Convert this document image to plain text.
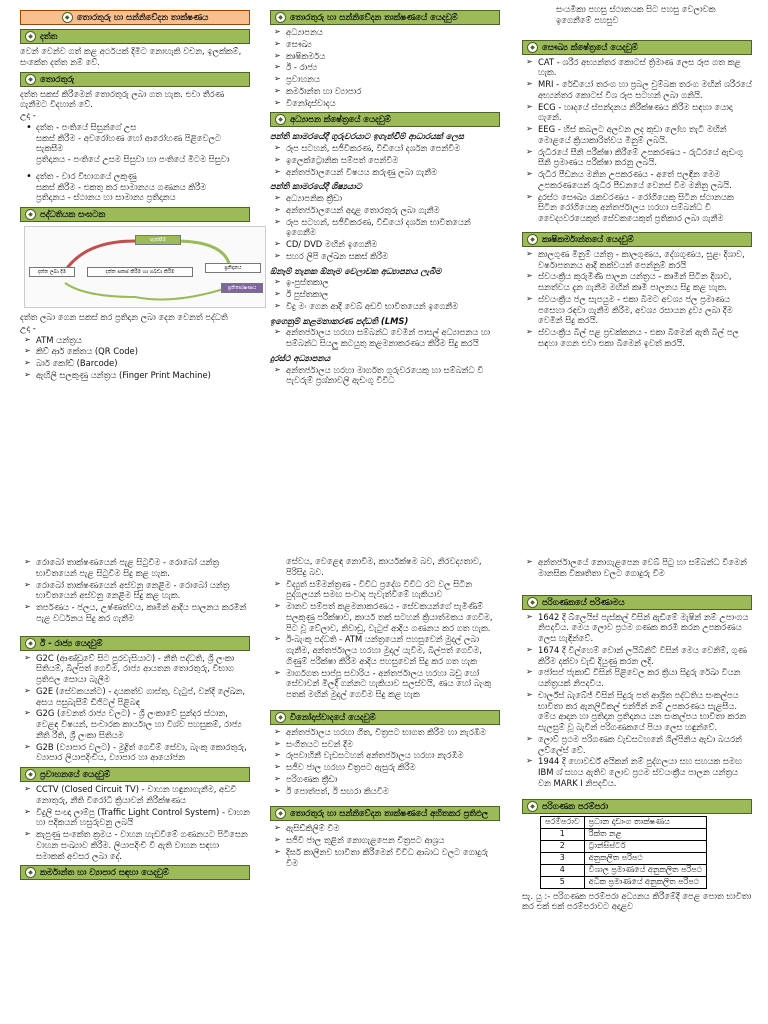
◆ තොරතුරු හා සන්නිවේදන තාක්ෂණය
◆ දත්ත

වෙන් වෙන්ව ගත් කළ අර්ථයක් දිමිට නොහැකි වචන, ඉලක්කම්, සංකේත දත්ත නම් වේ.

◆ තොරතුරු

දත්ත සකස් කිරීමෙන් තොරතුරු ලබා ගත හැක. එවා තීරණ ගැනීමට විදහාන් වේ.

උදා -

• දත්ත - පංතියේ සිසුන්ගේ උස
සකස් කිරීම - අවරෝහණ හෝ ආරෝහණ පිළිවෙලට සැකසීම
ප්‍රතිදානය - පංතියේ උසම සිසුවා හා පංතියේ මිටම සිසුවා
• දත්ත - වාර විභාගයේ ලකුණු
සකස් කිරීම - එකතු කර සාමාන්‍යය ගණනය කිරීම
ප්‍රතිදානය - ස්ථානය හා සාමාන්‍ය ප්‍රතිදානය
◆ පද්ධතියක සංඝටක
සැකසීම
දත්ත ලබා දීම	දත්ත සකස් කිරීම හා ගබඩා කිරීම
ප්‍රතිදානය
ප්‍රතිපෝෂණය

දත්ත ලබා ගෙන සකස් කර ප්‍රතිදාන ලබා දෙන වෙනත් පද්ධති

උදා -

➢ ATM යන්ත්‍රය
➢ කිව් ආර් කේතය (QR Code)
➢ බාර් කෝඩ් (Barcode)
➢ ඇඟිලි සලකුණු යන්ත්‍රය (Finger Print Machine)
➢ රොබෝ තාක්ෂණයෙන් පැළ සිටුවීම - රොබෝ යන්ත්‍ර භාවිතයෙන් පැළ සිටුවීම සිදු කළ හැක.
➢ රොබෝ තාක්ෂණයෙන් අස්වනු නෙළීම - රොබෝ යන්ත්‍ර භාවිතයෙන් අස්වනු නෙළීම සිදු කළ හැක.
➢ තර්පණය - ජලය, උෂ්ණත්වය, කෘමීන් ආදිය පාලනය කරමින් පැළ වර්ධනය සිදු කර ගැනීම
◆ ඊ - රාජ්‍ය යෙදවුම්
➢ G2C (ආණ්ඩුවේ සිට පුරවැසියාට) - නීති පද්ධති, ශ්‍රී ලංකා සිතියම්, බිල්පත් ගෙවීම, රාජ්‍ය ආයතන තොරතුරු, විභාග ප්‍රතිඵල සොයා බැලීම
➢ G2E (සේවකයන්ට) - දායකත්ව ගාස්තු, වැටුප්, වන්දි ලේඛන, අසය පසුබැසීම් ඩිජිටල් පිළිබඳ
➢ G2G (වෙනත් රාජ්‍ය වලට) - ශ්‍රී ලංකාවේ සුන්දර ස්ථාන, වෙළඳ විෂයන්, සංචාරක කාර්යාල හා විශ්‍ව පහසුකම්, රාජ්‍ය නීති රීති, ශ්‍රී ලංකා සිතියම
➢ G2B (ව්‍යාපාර වලට) - මුද්‍රිත් ගෙවීම් සේවා, බැංකු කොරතුරු, ව්‍යාපාර ලියාපදිංචිය, ව්‍යාපාර හා ආයෝජන
◆ ප්‍රවාහනයේ යෙදවුම්
➢ CCTV (Closed Circuit TV) - වාහන හඳුනාගැනීම, අඩවි නොතුරු, නීති විරෝධී ක්‍රියාවන් නිරීක්ෂණය
➢ විදුලි සංඥා ලාම්පු (Traffic Light Control System) - වාහන හා පදිකයන් හසුරුවනු ලබයි
➢ කැපුණු සංකේත ක්‍රමය - වාහන හැඩවීමේ ගණනයට පිටිසෙන වාහන සංඛ්‍යාව කිරීම. ලියාපදිංචි වී ඇති වාහන සඳහා සමාකක් අවසර ලබා දේ.
◆ කර්මාන්ත හා ව්‍යාපාර සඳහා යෙදවුම්
◆ තොරතුරු හා සන්නිවේදන තාක්ෂණයේ යෙදවුම්
➢ අධ්‍යාපනය
➢ සෞඛ්‍ය
➢ කෘෂිකර්මය
➢ ඊ - රාජ්‍ය
➢ ප්‍රවාහනය
➢ කර්මාන්ත හා ව්‍යාපාර
➢ විනෝදාස්වාදය
◆ අධ්‍යාපන ක්ෂේත්‍රයේ යෙදවුම්

පන්ති කාමරයේදී ගුරුවරයාට ඉගැන්වීම් ආධාරයක් ලෙස

➢ රූප සටහන්, සජීවීකරණ, විඩියෝ දර්ශන පෙන්වීම
➢ ඉලෙක්ට්‍රොනික සම්පත් පෙන්වීම
➢ අන්තර්ජාලයෙන් විෂයය කරුණු ලබා ගැනීම

පන්ති කාමරයේදී ශිෂ්‍යයාට

➢ අධ්‍යාපනික ක්‍රීඩා
➢ අන්තර්ජාලයෙන් අදාළ තොරතුරු ලබා ගැනීම
➢ රූප සටහන්, සජීවීකරණ, විඩියෝ දර්ශන භාවිතයෙන් ඉගෙනීම
➢ CD/ DVD මඟින් ඉගෙනීම
➢ සහර ලිපි ලේඛන සකස් කිරීම

ඕනෑම් තැනක ඕනෑම වෙලාවක අධ්‍යාපනය ලැබීම

➢ ඉ-පුස්තකාල
➢ ඊ පුස්තකාල
➢ විදු මං ගෙන ආදී වෙබ් අඩවි භාවිතයෙන් ඉගෙනීම

ඉගෙනුම් කළමනාකරණ පද්ධති (LMS)

➢ අන්තර්ජාලය හරහා සම්බන්ධ වෙමින් පාසල් අධ්‍යාපනය හා සම්බන්ධ සියලු කටයුතු කළමනාකරණය කිරීම සිදු කරයි

දුරස්ථ අධ්‍යාපනය

➢ අන්තර්ජාලය හරහා මාර්ගත ගුරුවරයෙකු හා සම්බන්ධ වී පැවරුම් ප්‍රශ්නාවලි ඇඩංගු විවිධ

සේවය, වෙළෙඳ නොවීම, කාර්යක්ෂම බව, නිරවද්‍යතාව, පිරිසිදු බව.

➢ විද්‍යුත් සම්මන්ත්‍රණ - විවිධ ප්‍රදේශ විවිධ රට වල සිටින පුද්ගලයන් සමඟ සංවාද පැවැත්වීමේ හැකියාව
➢ මානව සම්පත් කළමනාකරණය - සේවකයන්ගේ පැමිණීම් සලකුණු පරීක්ෂාව, කාර්ය තක් සටහන් ක්‍රියාත්මකය ගෙවීම, පිට වූ වේලාව, නිවාඩු, වැටුප් ආදිය ගණනය කර ගත හැක.
➢ ඊ-බැංකු පද්ධති - ATM යන්ත්‍රයෙන් පහසුවෙන් මුදල් ලබා ගැනීම, අන්තර්ජාලය හරහා මුදල් යැවීම, බිල්පත් ගෙවීම, ගිණුම් පරීක්ෂා කිරීම ආදිය පහසුවෙන් සිදු කර ගත හැක
➢ මාර්ගගත සාප්පු සවාරිය - අන්තර්ජාලය හරහා බඩු හෝ සේවාවන් මිලදී ගන්නට හැකියාව සලස්වයි, ණය හෝ බැංකු පතක් මඟින් මුදල් ගෙවීම සිදු කළ හැක
◆ විනෝදාස්වාදයේ යෙදවුම්
➢ අන්තර්ජාලය හරහා ගීත, චිත්‍රපට භාගත කිරීම හා නැරඹීම
➢ සංගීතයට සවන් දීම
➢ රූපවාහිනී වැඩසටහන් අන්තර්ජාලය හරහා නැරඹීම
➢ සජීව ජාල හරහා චිත්‍රපට ඇසුරු කිරීම
➢ පරිගණක ක්‍රීඩා
➢ ඊ පොත්පත්, ඊ සඟරා කියවීම
◆ තොරතුරු හා සන්නිවේදන තාක්ෂණයේ අහිතකර ප්‍රතිඵල
➢ ඇසිඩ්කිලිම් වීම
➢ සජීවී ජාල තුළින් නොගැළපෙන චිත්‍රපට ආශ්‍රය
➢ දිර්ඝ කාලීනව භාවිතා කිරීමෙන් විවිධ ආබාධ වලට ගොදුරු වීම

සංයමිකා පහසු ස්ථානයක සිට පහසු වෙලාවක ඉගෙනීමේ පහසුව

◆ සෞඛ්‍ය ක්ෂේත්‍රයේ යෙදවුම්
➢ CAT - ශරීර අභ්‍යන්තර කොටස් ත්‍රිමාණ ලෙස රූප ගත කළ හැක.
➢ MRI - රේඩියෝ තරංග හා ප්‍රබල චුම්බක තරංග මඟින් ශරීරයේ අභ්‍යන්තර කොටස් විශ රූප සටහන් ලබා ගනියි.
➢ ECG - හෘදයේ ස්පන්දනය නිරීක්ෂණය කිරීම සඳහා යොදා ගැනේ.
➢ EEG - හිස් කබලට අලවන ලද කුඩා ලෝහ තැටි මඟින් මොළයේ ක්‍රියාකාරිත්වය මිනුම් ලබයි.
➢ රුධිරයේ සීනි පරීක්ෂා කිරීමේ උපකරණය - රුධිරයේ ඇඩංගු සීනි ප්‍රමාණය පරීක්ෂා කරනු ලබයි.
➢ රුධිර පීඩනය මනින උපකරණය - අතේ පලඳින මෙම උපකරණයෙන් රුධිර පීඩනයේ වෙනස් වීම මනිනු ලබයි.
➢ දුරස්ථ සෞඛ්‍ය රැකවරණය - රෝගියෙකු සිටින ස්ථානයක සිටින රෝගියෙකු අන්තර්ජාලය හරහා සම්බන්ධ වී වෛද්‍යවරයෙකුත් සේවකයෙකුත් ප්‍රතිකාර ලබා ගැනීම
◆ කෘෂිකර්මාන්තයේ යෙදවුම්
➢ කාලගුණ මිනුම් යන්ත්‍ර - කාලගුණය, දේශගුණය, සුළං දිශාව, වර්ෂාපතනය ආදි කක්වයන් පෙන්නුම් කරයි
➢ ස්වයංක්‍රීය කුරුමිණි පාලන යන්ත්‍රය - කෘමීන් සිටින දිශාව, සනත්වය දැන ගැනීම මඟින් කෘමි පාලනය සිදු කළ හැක.
➢ ස්වයංක්‍රීය ජල සැපයුම - එකා බිමට අවශ්‍ය ජල ප්‍රමාණය පසෙහා රඳවා ගැනීම කිරීම, අවශ්‍ය රසායන ද්‍රව්‍ය ලබා දීම වෙමින් සිදු කරයි.
➢ ස්වයංක්‍රීය බිල් පළ ප්‍රචක්කනය - එකා බිමෙන් ඇති බිල් පල සඳහා ගෙන එවා එකා බිමෙන් ඉවත් කරයි.
➢ අන්තර්ජාලයේ නොගැළපෙන වෙබ් පිටු හා සම්බන්ධ වීමෙන් මානසික විකෘතිතා වලට ගොදුරු වීම
◆ පරිගණකයේ පරිණාමය
➢ 1642 දී බ්ලෙයිස් පැස්කල් විසින් ඇඩීමේ මැෂින් නම් උපාංගය නිපදවීය. මෙය ලොව ප්‍රථම ගණක කරමි කරන උපකරණය ලෙස හැඳින්වේ.
➢ 1674 දී විල්හෙම් වොන් ලයිබ්නිට් විසින් මෙය වෙනිම්, ගුණ කිරීම දක්වා වැඩි දියුණු කරන ලදි.
➢ ජෝසප් ජැකාඩ් විසින් පිළිවෙල කර ක්‍රියා සිදුරු රේඛා වියන යන්ත්‍රයක් නිපදවීය.
➢ චාර්ල්ස් බැබේජ් විසින් සිදුරු පත් ආශ්‍රිත පද්ධතිය සංකල්පය භාවිතා කර ඇනලිටිකල් එන්ජින් නම් උපකරණය සැළසීය. මේය ආදාන හා ප්‍රතිදාන ප්‍රතිදානය යන සංකල්පය භාවිතා කරන සැලසුම් වූ බැවින් පරිගණකයේ පියා ලෙස හඳුන්වේ.
➢ ලොව් ප්‍රථම පරිගණක වැඩසටහනේ ශිල්පිනිය ඇඩා බයරන් ලව්ලේස් වේ.
➢ 1944 දී හොවර්ඩ් අයිකන් නම් පුද්ගලයා සහ සහයක සමඟ IBM ශ් සහය ඇතිව ලොව ප්‍රථම ස්වයංක්‍රීය පාලන යන්ත්‍රය වන MARK I නිපදවීය.
◆ පරිගණක පරම්පරා
පරම්පරාව	ප්‍රධාන දෘඩාංග තාක්ෂණය
1	රික්ත නළ
2	ට්‍රාන්සිස්ටර්
3	අනුකලිත පරිපථ
4	විශාල ප්‍රමාණයේ අනුකලිත පරිපථ
5	අධික ප්‍රමාණයේ අනුකලිත පරිපථ

සැ. යු :- පරිගණක පරම්පරා අධ්‍යනය කිරීමේදී පෙළ පොත භාවිතා කර එක් එක් පරම්පරාවට අදාළව
